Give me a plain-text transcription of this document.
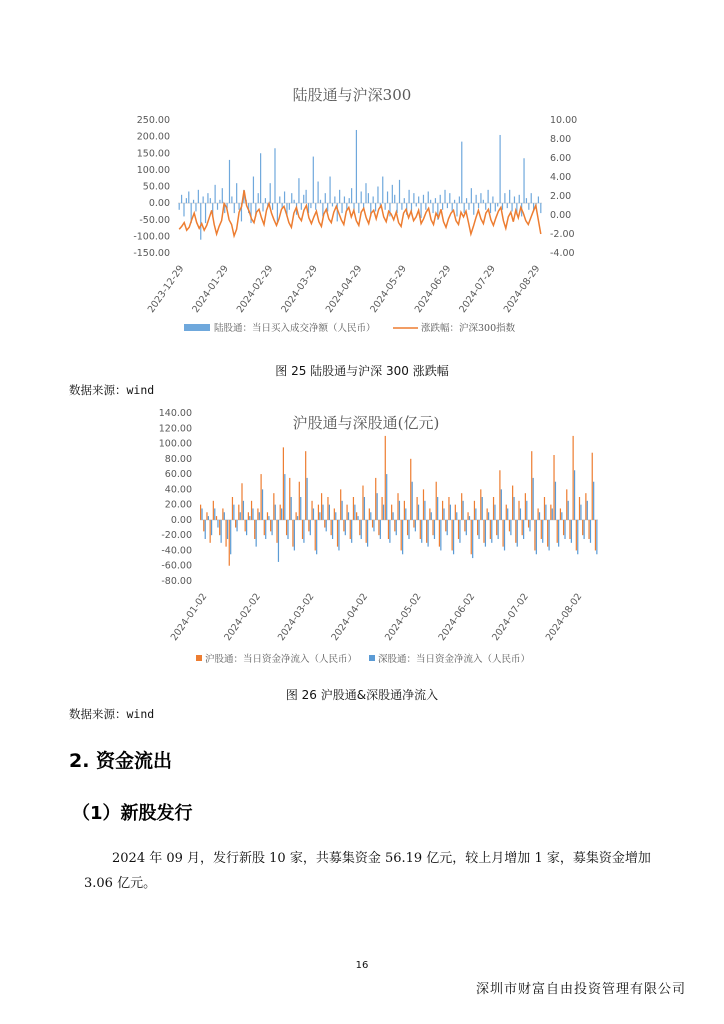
陆股通与沪深300
250.00
200.00
150.00
100.00
50.00
0.00
-50.00
-100.00
-150.00
10.00
8.00
6.00
4.00
2.00
0.00
-2.00
-4.00
2023-12-29 2024-01-29 2024-02-29 2024-03-29 2024-04-29 2024-05-29 2024-06-29 2024-07-29 2024-08-29
陆股通：当日买入成交净额（人民币）	涨跌幅：沪深300指数
图 25 陆股通与沪深 300 涨跌幅
数据来源：wind
沪股通与深股通(亿元)
140.00
120.00
100.00
80.00
60.00
40.00
20.00
0.00
-20.00
-40.00
-60.00
-80.00
2024-01-02 2024-02-02 2024-03-02 2024-04-02 2024-05-02 2024-06-02 2024-07-02 2024-08-02
沪股通：当日资金净流入（人民币） 深股通：当日资金净流入（人民币）
图 26 沪股通&深股通净流入
数据来源：wind
2. 资金流出
（1）新股发行
2024 年 09 月，发行新股 10 家，共募集资金 56.19 亿元，较上月增加 1 家，募集资金增加 3.06 亿元。
16
深圳市财富自由投资管理有限公司
